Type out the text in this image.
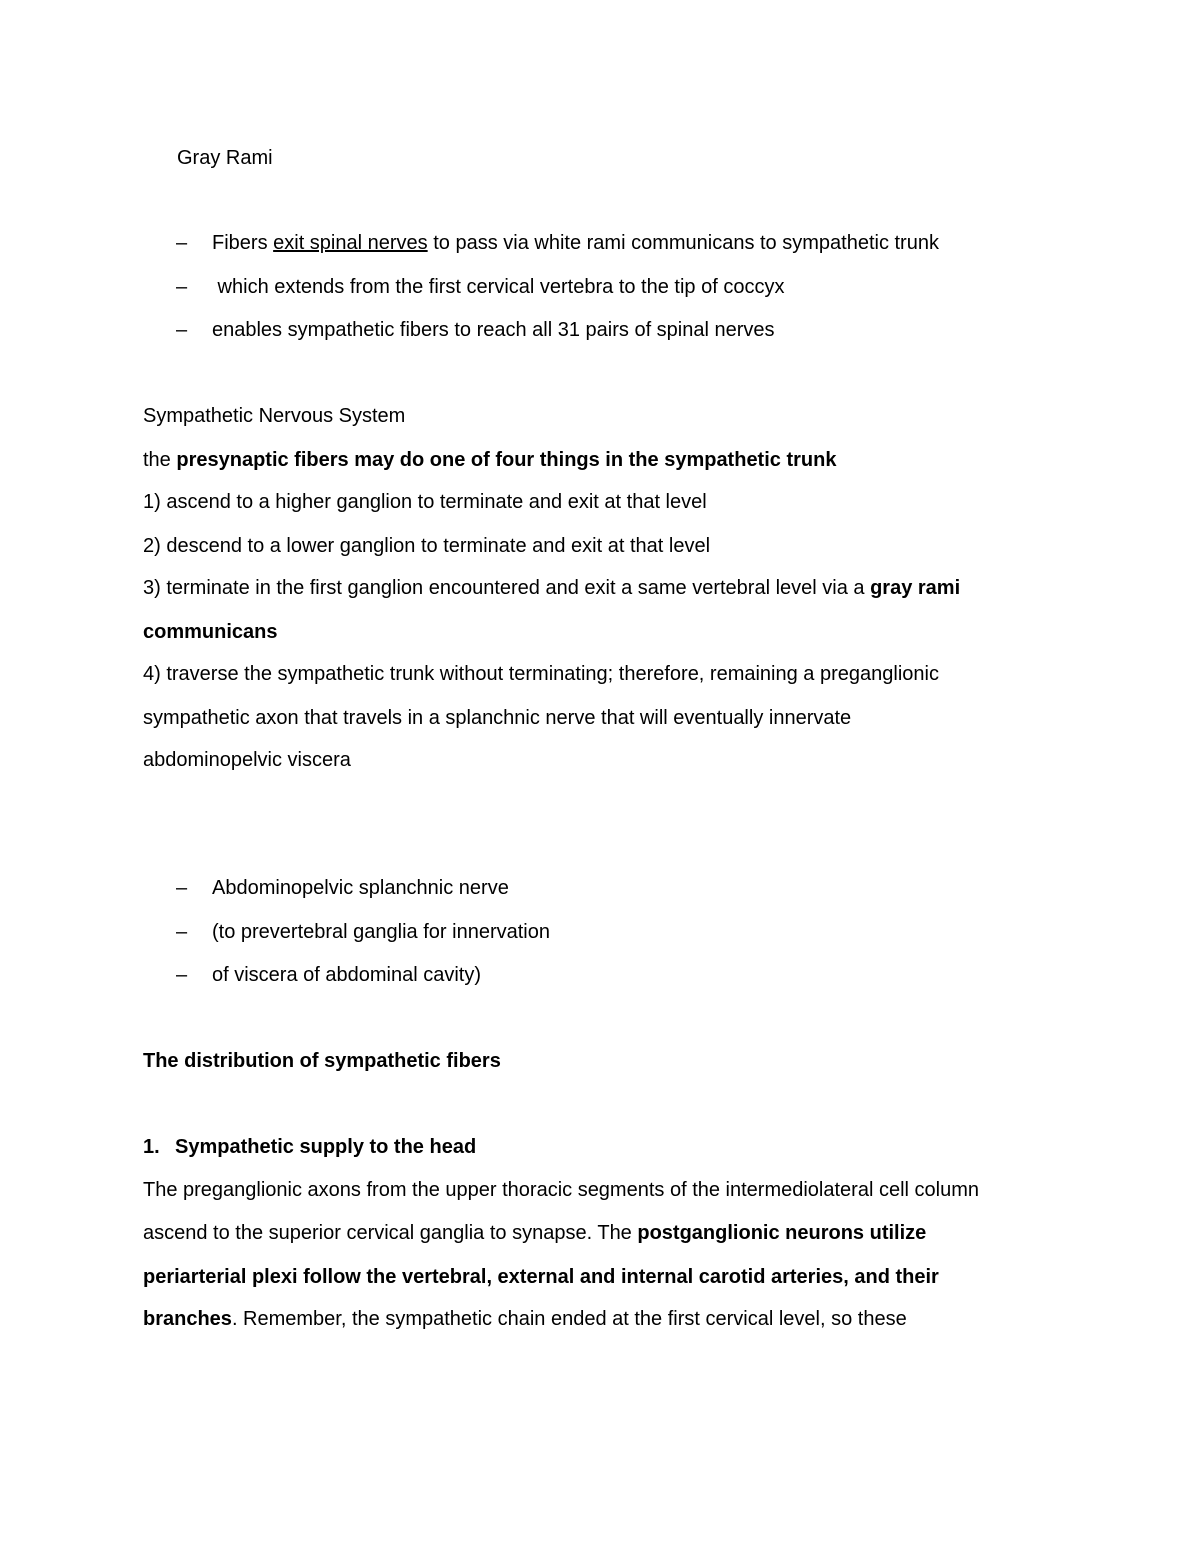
Gray Rami
– Fibers exit spinal nerves to pass via white rami communicans to sympathetic trunk
– which extends from the first cervical vertebra to the tip of coccyx
– enables sympathetic fibers to reach all 31 pairs of spinal nerves
Sympathetic Nervous System
the presynaptic fibers may do one of four things in the sympathetic trunk
1) ascend to a higher ganglion to terminate and exit at that level
2) descend to a lower ganglion to terminate and exit at that level
3) terminate in the first ganglion encountered and exit a same vertebral level via a gray rami
communicans
4) traverse the sympathetic trunk without terminating; therefore, remaining a preganglionic
sympathetic axon that travels in a splanchnic nerve that will eventually innervate
abdominopelvic viscera
– Abdominopelvic splanchnic nerve
– (to prevertebral ganglia for innervation
– of viscera of abdominal cavity)
The distribution of sympathetic fibers
1. Sympathetic supply to the head
The preganglionic axons from the upper thoracic segments of the intermediolateral cell column
ascend to the superior cervical ganglia to synapse. The postganglionic neurons utilize
periarterial plexi follow the vertebral, external and internal carotid arteries, and their
branches. Remember, the sympathetic chain ended at the first cervical level, so these
